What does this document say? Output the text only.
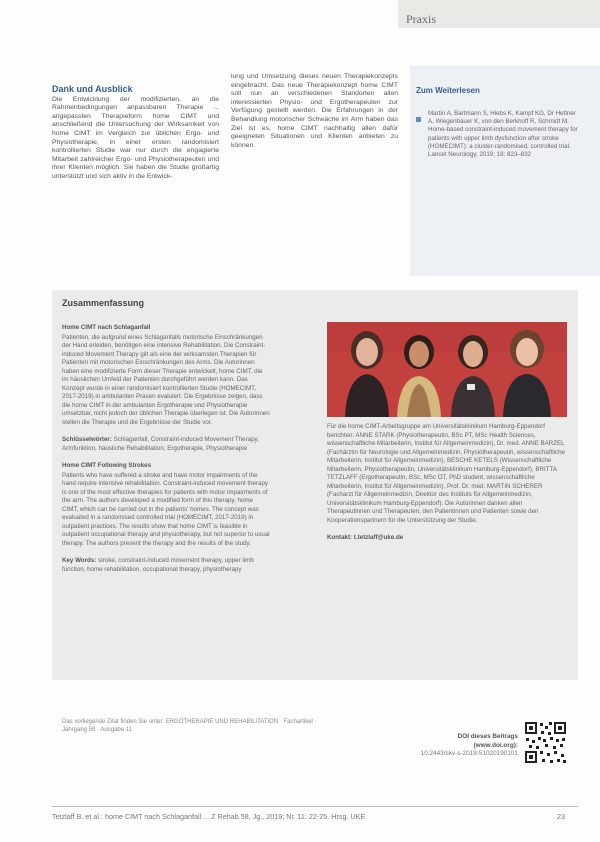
Praxis
Dank und Ausblick
Die Entwicklung der modifizierten, an die Rahmenbedingungen anpassbaren Therapie ... angepassten Therapieform home CIMT und anschließend die Untersuchung der Wirksamkeit von home CIMT im Vergleich zur üblichen Ergo- und Physiotherapie, in einer ersten randomisiert kontrollierten Studie war nur durch die engagierte Mitarbeit zahlreicher Ergo- und Physiotherapeuten und ihrer Klienten möglich. Sie haben die Studie großartig unterstützt und sich aktiv in die Entwick-
lung und Umsetzung dieses neuen Therapiekonzepts eingebracht. Das neue Therapiekonzept home CIMT soll nun an verschiedenen Standorten allen interessierten Physio- und Ergotherapeuten zur Verfügung gestellt werden. Die Erfahrungen in der Behandlung motorischer Schwäche im Arm haben das Ziel ist es, home CIMT nachhaltig allen dafür geeigneten Situationen und Klienten anbieten zu können.
Zum Weiterlesen
Martin A, Bartmann S, Hiebs K, Kampf KG, Dr Hettner A, Wiegenbauer K, von den Berkhoff R, Schmidt M. Home-based constraint-induced movement therapy for patients with upper limb dysfunction after stroke (HOMECIMT): a cluster-randomised, controlled trial. Lancet Neurology, 2019; 18: 823–832
Zusammenfassung
Home CIMT nach Schlaganfall
Patienten, die aufgrund eines Schlaganfalls motorische Einschränkungen der Hand erleiden, benötigen eine intensive Rehabilitation. Die Constraint-induced Movement Therapy gilt als eine der wirksamsten Therapien für Patienten mit motorischen Einschränkungen des Arms. Die Autorinnen haben eine modifizierte Form dieser Therapie entwickelt, home CIMT, die im häuslichen Umfeld der Patienten durchgeführt werden kann. Das Konzept wurde in einer randomisiert kontrollierten Studie (HOMECIMT, 2017-2019) in ambulanten Praxen evaluiert. Die Ergebnisse zeigen, dass die home CIMT in der ambulanten Ergotherapie und Physiotherapie umsetzbar, nicht jedoch der üblichen Therapie überlegen ist. Die Autorinnen stellen die Therapie und die Ergebnisse der Studie vor.
Schlüsselwörter: Schlaganfall, Constraint-induced Movement Therapy, Armfunktion, häusliche Rehabilitation, Ergotherapie, Physiotherapie
Home CIMT Following Strokes
Patients who have suffered a stroke and have motor impairments of the hand require intensive rehabilitation. Constraint-induced movement therapy is one of the most effective therapies for patients with motor impairments of the arm. The authors developed a modified form of this therapy, home CIMT, which can be carried out in the patients' homes. The concept was evaluated in a randomised controlled trial (HOMECIMT, 2017-2019) in outpatient practices. The results show that home CIMT is feasible in outpatient occupational therapy and physiotherapy, but not superior to usual therapy. The authors present the therapy and the results of the study.
Key Words: stroke, constraint-induced movement therapy, upper limb function, home rehabilitation, occupational therapy, physiotherapy
Für die home CIMT-Arbeitsgruppe am Universitätsklinikum Hamburg-Eppendorf berichten: ANNE STARK (Physiotherapeutin, BSc PT, MSc Health Sciences, wissenschaftliche Mitarbeiterin, Institut für Allgemeinmedizin), Dr. med. ANNE BARZEL (Fachärztin für Neurologie und Allgemeinmedizin, Physiotherapeutin, wissenschaftliche Mitarbeiterin, Institut für Allgemeinmedizin), BESCHE KETELS (Wissenschaftliche Mitarbeiterin, Physiotherapeutin, Universitätsklinikum Hamburg-Eppendorf), BRITTA TETZLAFF (Ergotherapeutin, BSc, MSc OT, PhD student, wissenschaftliche Mitarbeiterin, Institut für Allgemeinmedizin), Prof. Dr. med. MARTIN SCHERER (Facharzt für Allgemeinmedizin, Direktor des Instituts für Allgemeinmedizin, Universitätsklinikum Hamburg-Eppendorf). Die Autorinnen danken allen Therapeutinnen und Therapeuten, den Patientinnen und Patienten sowie den Kooperationspartnern für die Unterstützung der Studie.
Kontakt: t.tetzlaff@uke.de
Das vorliegende Zitat finden Sie unter: ERGOTHERAPIE UND REHABILITATION · Fachartikel · Jahrgang 58 · Ausgabe 11
DOI dieses Beitrags (www.doi.org):
10.2443/skv-s-2019-51020190101
Tetzlaff B. et al.: home CIMT nach Schlaganfall ... Z Rehab 58, Jg., 2019; Nr. 11: 22-25. Hrsg. UKE	23
